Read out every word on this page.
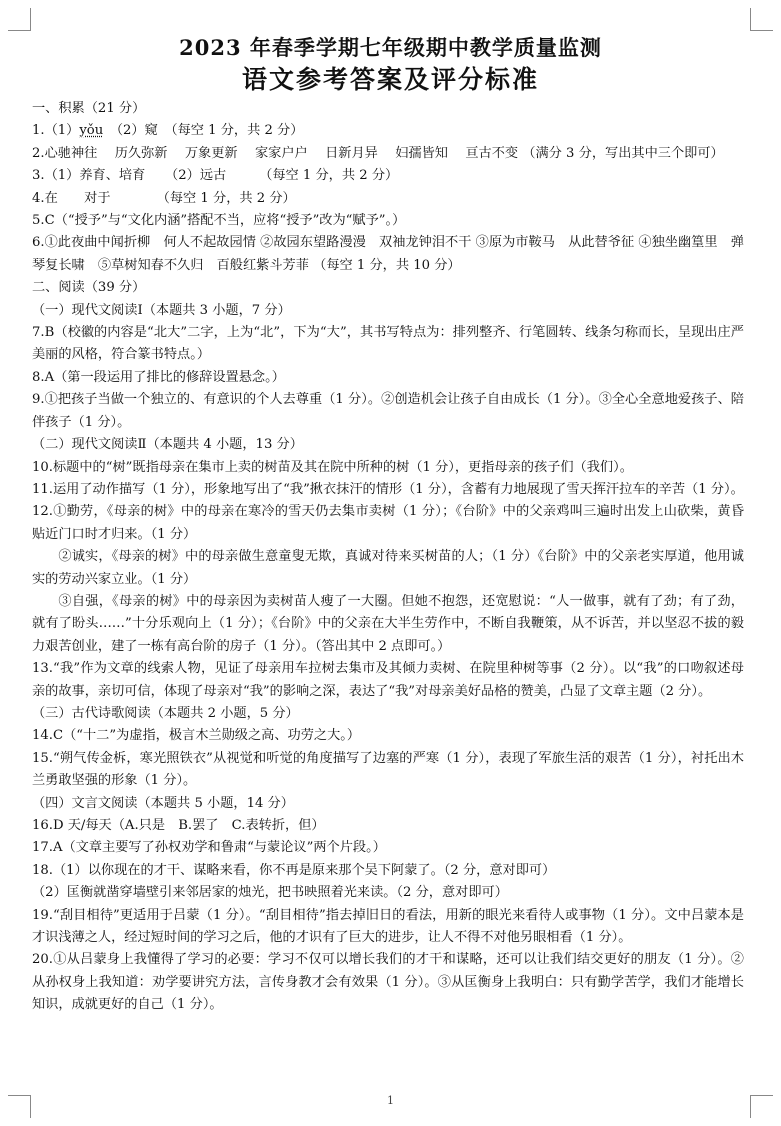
2023 年春季学期七年级期中教学质量监测
语文参考答案及评分标准

一、积累（21 分）

1.（1）yǒu　（2）窥　（每空 1 分，共 2 分）

2.心驰神往　 历久弥新　 万象更新　 家家户户　 日新月异　 妇孺皆知　 亘古不变 （满分 3 分，写出其中三个即可）

3.（1）养育、培育　　（2）远古　　　（每空 1 分，共 2 分）

4.在　　对于　　　　（每空 1 分，共 2 分）

5.C（“授予”与“文化内涵”搭配不当，应将“授予”改为“赋予”。）

6.①此夜曲中闻折柳　何人不起故园情 ②故园东望路漫漫　双袖龙钟泪不干 ③原为市鞍马　从此替爷征 ④独坐幽篁里　弹琴复长啸　⑤草树知春不久归　百般红紫斗芳菲 （每空 1 分，共 10 分）

二、阅读（39 分）

（一）现代文阅读Ⅰ（本题共 3 小题，7 分）

7.B（校徽的内容是“北大”二字，上为“北”，下为“大”，其书写特点为：排列整齐、行笔圆转、线条匀称而长，呈现出庄严美丽的风格，符合篆书特点。）

8.A（第一段运用了排比的修辞设置悬念。）

9.①把孩子当做一个独立的、有意识的个人去尊重（1 分）。②创造机会让孩子自由成长（1 分）。③全心全意地爱孩子、陪伴孩子（1 分）。

（二）现代文阅读Ⅱ（本题共 4 小题，13 分）

10.标题中的“树”既指母亲在集市上卖的树苗及其在院中所种的树（1 分），更指母亲的孩子们（我们）。

11.运用了动作描写（1 分），形象地写出了“我”揪衣抹汗的情形（1 分），含蓄有力地展现了雪天挥汗拉车的辛苦（1 分）。

12.①勤劳，《母亲的树》中的母亲在寒冷的雪天仍去集市卖树（1 分）；《台阶》中的父亲鸡叫三遍时出发上山砍柴，黄昏贴近门口时才归来。（1 分）

②诚实，《母亲的树》中的母亲做生意童叟无欺，真诚对待来买树苗的人；（1 分）《台阶》中的父亲老实厚道，他用诚实的劳动兴家立业。（1 分）

③自强，《母亲的树》中的母亲因为卖树苗人瘦了一大圈。但她不抱怨，还宽慰说：“人一做事，就有了劲；有了劲，就有了盼头……”十分乐观向上（1 分）；《台阶》中的父亲在大半生劳作中，不断自我鞭策，从不诉苦，并以坚忍不拔的毅力艰苦创业，建了一栋有高台阶的房子（1 分）。（答出其中 2 点即可。）

13.“我”作为文章的线索人物，见证了母亲用车拉树去集市及其倾力卖树、在院里种树等事（2 分）。以“我”的口吻叙述母亲的故事，亲切可信，体现了母亲对“我”的影响之深，表达了“我”对母亲美好品格的赞美，凸显了文章主题（2 分）。

（三）古代诗歌阅读（本题共 2 小题，5 分）

14.C（“十二”为虚指，极言木兰勋级之高、功劳之大。）

15.“朔气传金柝，寒光照铁衣”从视觉和听觉的角度描写了边塞的严寒（1 分），表现了军旅生活的艰苦（1 分），衬托出木兰勇敢坚强的形象（1 分）。

（四）文言文阅读（本题共 5 小题，14 分）

16.D 天/每天（A.只是　B.罢了　C.表转折，但）

17.A（文章主要写了孙权劝学和鲁肃“与蒙论议”两个片段。）

18.（1）以你现在的才干、谋略来看，你不再是原来那个吴下阿蒙了。（2 分，意对即可）

（2）匡衡就凿穿墙壁引来邻居家的烛光，把书映照着光来读。（2 分，意对即可）

19.“刮目相待”更适用于吕蒙（1 分）。“刮目相待”指去掉旧日的看法，用新的眼光来看待人或事物（1 分）。文中吕蒙本是才识浅薄之人，经过短时间的学习之后，他的才识有了巨大的进步，让人不得不对他另眼相看（1 分）。

20.①从吕蒙身上我懂得了学习的必要：学习不仅可以增长我们的才干和谋略，还可以让我们结交更好的朋友（1 分）。②从孙权身上我知道：劝学要讲究方法，言传身教才会有效果（1 分）。③从匡衡身上我明白：只有勤学苦学，我们才能增长知识，成就更好的自己（1 分）。

1
